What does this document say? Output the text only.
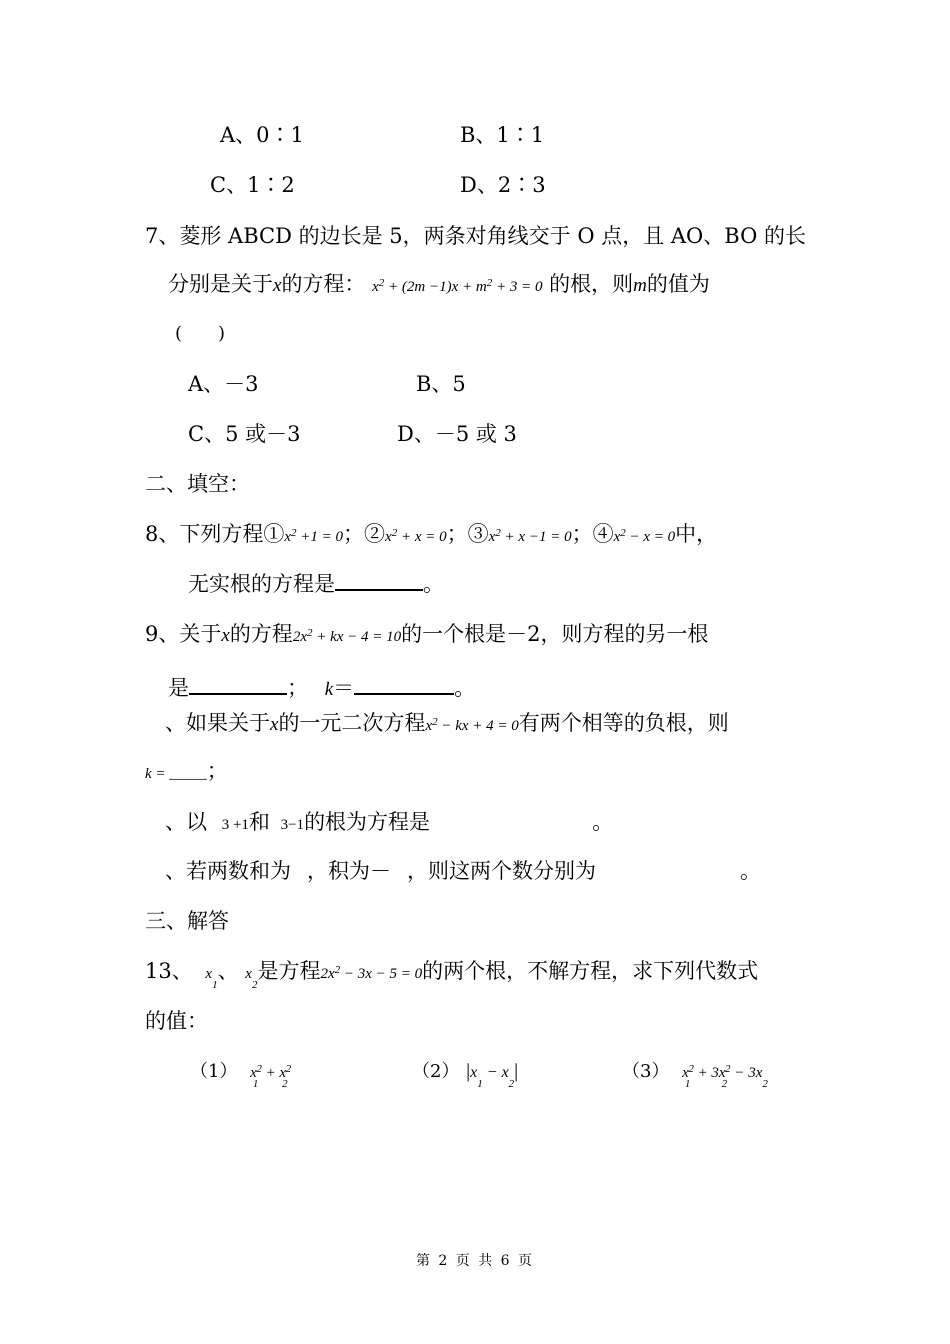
A、0∶1	B、1∶1
C、1∶2	D、2∶3
7、菱形 ABCD 的边长是 5，两条对角线交于 O 点，且 AO、BO 的长
分别是关于x的方程： $x^2 + (2m -1)x + m^2 + 3 = 0$ 的根，则m的值为
(　　)
A、－3	B、5
C、5 或－3	D、－5 或 3
二、填空：
8、下列方程$①x^2 +1 = 0$；$②x^2 + x = 0$；$③x^2 + x -1 = 0$；$④x^2 - x = 0$中，
无实根的方程是	。
9、关于x的方程$2x^2$ + kx − 4 = 10的一个根是－2，则方程的另一根
是	； k＝	。
、如果关于x的一元二次方程$x^2$ − kx + 4 = 0有两个相等的负根，则
k = _____；
、以 3 +1和 3−1的根为方程是	。
、若两数和为 ，积为－ ，则这两个数分别为	。
三、解答
13、 $x_1$、 $x_2$是方程$2x^2 - 3x - 5 = 0$的两个根，不解方程，求下列代数式
的值：
（1） $x_1^2 + x_2^2$	（2） $|x_1 - x_2|$	（3） $x_1^2 + 3x_2^2 - 3x_2$
第 2 页 共 6 页
